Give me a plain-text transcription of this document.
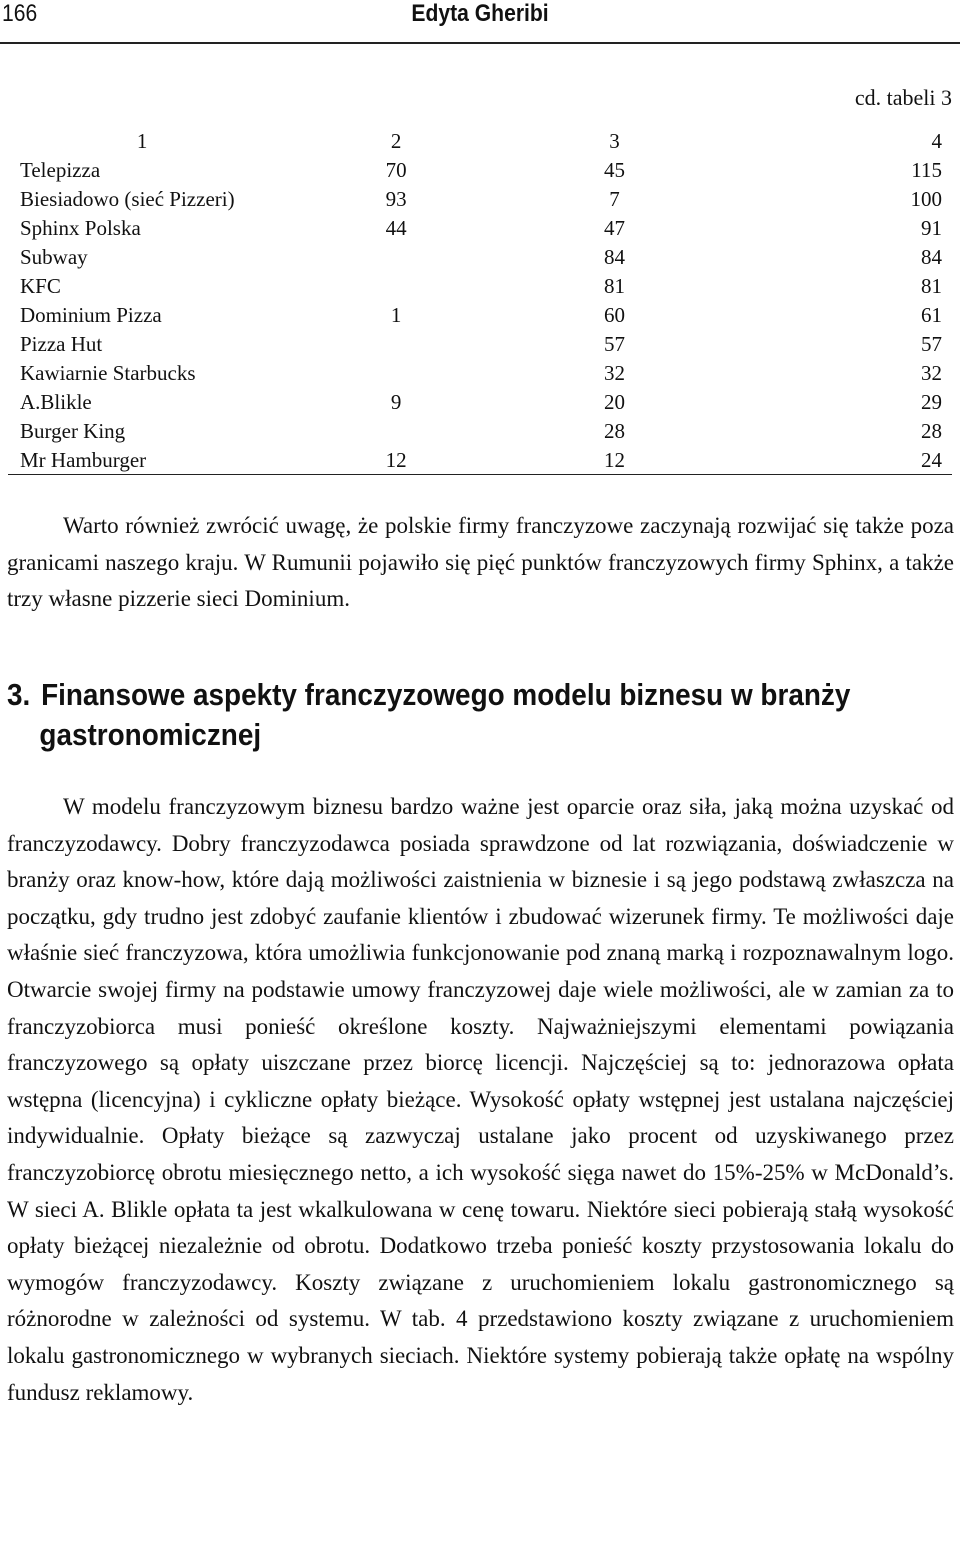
166	Edyta Gheribi
cd. tabeli 3
1	2	3	4
Telepizza	70	45	115
Biesiadowo (sieć Pizzeri)	93	7	100
Sphinx Polska	44	47	91
Subway		84	84
KFC		81	81
Dominium Pizza	1	60	61
Pizza Hut		57	57
Kawiarnie Starbucks		32	32
A.Blikle	9	20	29
Burger King		28	28
Mr Hamburger	12	12	24

Warto również zwrócić uwagę, że polskie firmy franczyzowe zaczynają rozwijać się także poza granicami naszego kraju. W Rumunii pojawiło się pięć punktów franczyzowych firmy Sphinx, a także trzy własne pizzerie sieci Dominium.

3. Finansowe aspekty franczyzowego modelu biznesu w branży
gastronomicznej

W modelu franczyzowym biznesu bardzo ważne jest oparcie oraz siła, jaką można uzyskać od franczyzodawcy. Dobry franczyzodawca posiada sprawdzone od lat rozwiązania, doświadczenie w branży oraz know-how, które dają możliwości zaistnienia w biznesie i są jego podstawą zwłaszcza na początku, gdy trudno jest zdobyć zaufanie klientów i zbudować wizerunek firmy. Te możliwości daje właśnie sieć franczyzowa, która umożliwia funkcjonowanie pod znaną marką i rozpoznawalnym logo. Otwarcie swojej firmy na podstawie umowy franczyzowej daje wiele możliwości, ale w zamian za to franczyzobiorca musi ponieść określone koszty. Najważniejszymi elementami powiązania franczyzowego są opłaty uiszczane przez biorcę licencji. Najczęściej są to: jednorazowa opłata wstępna (licencyjna) i cykliczne opłaty bieżące. Wysokość opłaty wstępnej jest ustalana najczęściej indywidualnie. Opłaty bieżące są zazwyczaj ustalane jako procent od uzyskiwanego przez franczyzobiorcę obrotu miesięcznego netto, a ich wysokość sięga nawet do 15%-25% w McDonald’s. W sieci A. Blikle opłata ta jest wkalkulowana w cenę towaru. Niektóre sieci pobierają stałą wysokość opłaty bieżącej niezależnie od obrotu. Dodatkowo trzeba ponieść koszty przystosowania lokalu do wymogów franczyzodawcy. Koszty związane z uruchomieniem lokalu gastronomicznego są różnorodne w zależności od systemu. W tab. 4 przedstawiono koszty związane z uruchomieniem lokalu gastronomicznego w wybranych sieciach. Niektóre systemy pobierają także opłatę na wspólny fundusz reklamowy.
